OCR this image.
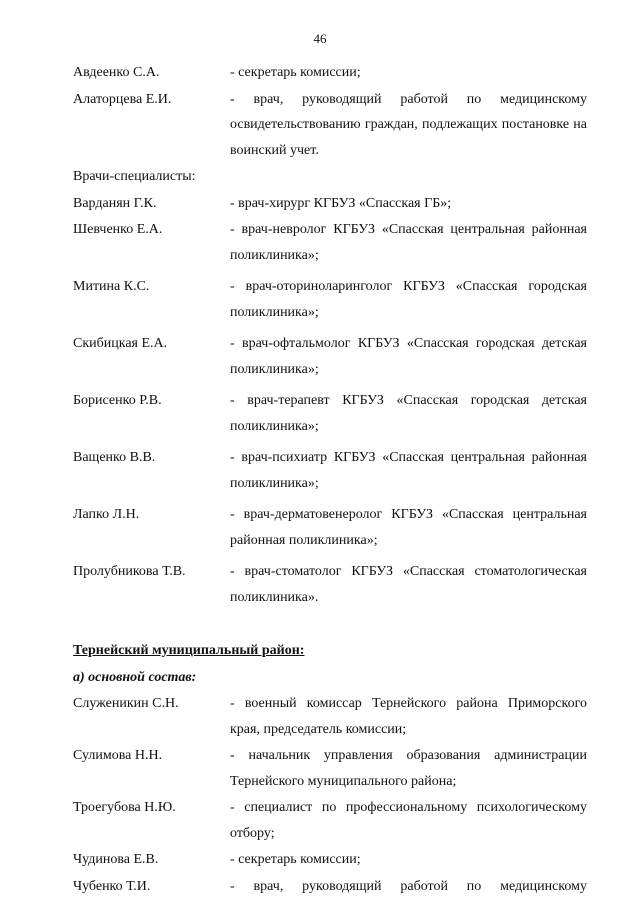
46
Авдеенко С.А.	- секретарь комиссии;
Алаторцева Е.И.	- врач, руководящий работой по медицинскому освидетельствованию граждан, подлежащих постановке на воинский учет.
Врачи-специалисты:
Варданян Г.К.	- врач-хирург КГБУЗ «Спасская ГБ»;
Шевченко Е.А.	- врач-невролог КГБУЗ «Спасская центральная районная поликлиника»;
Митина К.С.	- врач-оториноларинголог КГБУЗ «Спасская городская поликлиника»;
Скибицкая Е.А.	- врач-офтальмолог КГБУЗ «Спасская городская детская поликлиника»;
Борисенко Р.В.	- врач-терапевт КГБУЗ «Спасская городская детская поликлиника»;
Ващенко В.В.	- врач-психиатр КГБУЗ «Спасская центральная районная поликлиника»;
Лапко Л.Н.	- врач-дерматовенеролог КГБУЗ «Спасская центральная районная поликлиника»;
Пролубникова Т.В.	- врач-стоматолог КГБУЗ «Спасская стоматологическая поликлиника».
Тернейский муниципальный район:
а) основной состав:
Служеникин С.Н.	- военный комиссар Тернейского района Приморского края, председатель комиссии;
Сулимова Н.Н.	- начальник управления образования администрации Тернейского муниципального района;
Троегубова Н.Ю.	- специалист по профессиональному психологическому отбору;
Чудинова Е.В.	- секретарь комиссии;
Чубенко Т.И.	- врач, руководящий работой по медицинскому
